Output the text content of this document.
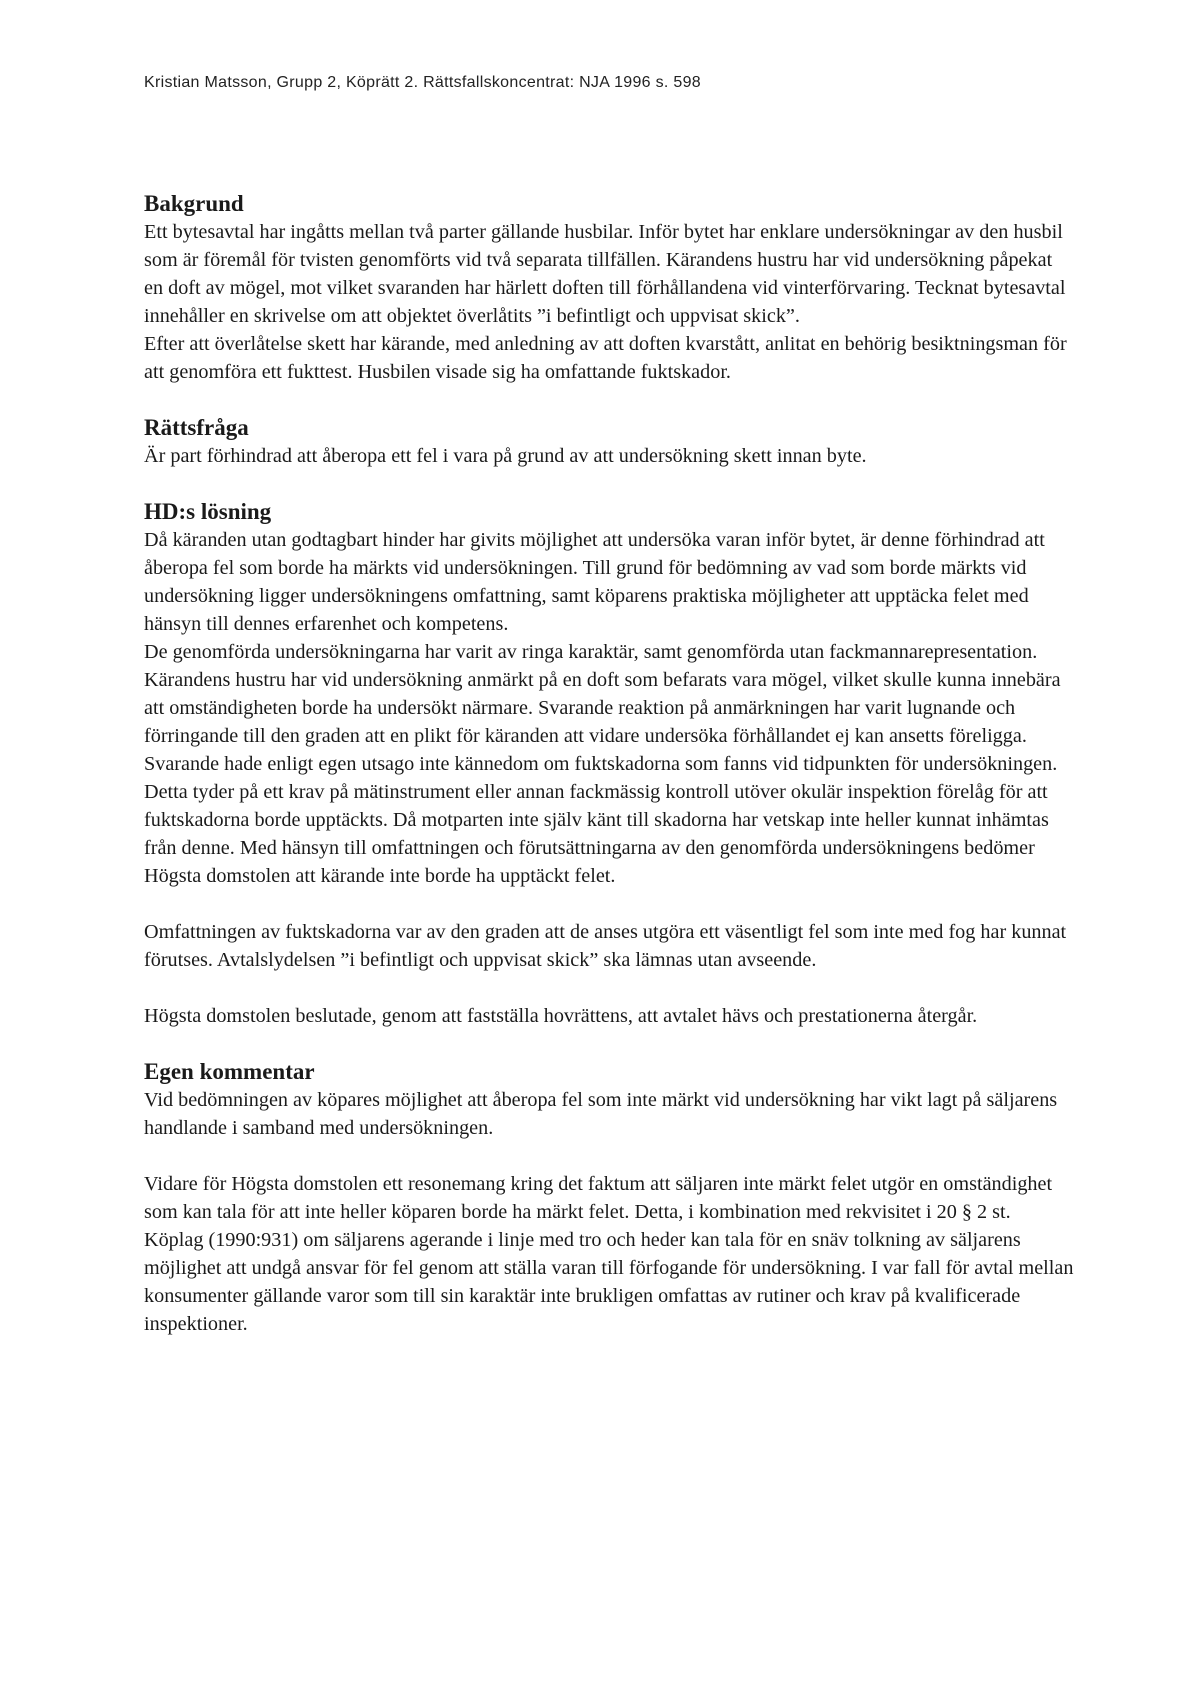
Kristian Matsson, Grupp 2, Köprätt 2. Rättsfallskoncentrat: NJA 1996 s. 598
Bakgrund

Ett bytesavtal har ingåtts mellan två parter gällande husbilar. Inför bytet har enklare undersökningar av den husbil som är föremål för tvisten genomförts vid två separata tillfällen. Kärandens hustru har vid undersökning påpekat en doft av mögel, mot vilket svaranden har härlett doften till förhållandena vid vinterförvaring. Tecknat bytesavtal innehåller en skrivelse om att objektet överlåtits ”i befintligt och uppvisat skick”.

Efter att överlåtelse skett har kärande, med anledning av att doften kvarstått, anlitat en behörig besiktningsman för att genomföra ett fukttest. Husbilen visade sig ha omfattande fuktskador.

Rättsfråga

Är part förhindrad att åberopa ett fel i vara på grund av att undersökning skett innan byte.

HD:s lösning

Då käranden utan godtagbart hinder har givits möjlighet att undersöka varan inför bytet, är denne förhindrad att åberopa fel som borde ha märkts vid undersökningen. Till grund för bedömning av vad som borde märkts vid undersökning ligger undersökningens omfattning, samt köparens praktiska möjligheter att upptäcka felet med hänsyn till dennes erfarenhet och kompetens.

De genomförda undersökningarna har varit av ringa karaktär, samt genomförda utan fackmannarepresentation. Kärandens hustru har vid undersökning anmärkt på en doft som befarats vara mögel, vilket skulle kunna innebära att omständigheten borde ha undersökt närmare. Svarande reaktion på anmärkningen har varit lugnande och förringande till den graden att en plikt för käranden att vidare undersöka förhållandet ej kan ansetts föreligga. Svarande hade enligt egen utsago inte kännedom om fuktskadorna som fanns vid tidpunkten för undersökningen. Detta tyder på ett krav på mätinstrument eller annan fackmässig kontroll utöver okulär inspektion förelåg för att fuktskadorna borde upptäckts. Då motparten inte själv känt till skadorna har vetskap inte heller kunnat inhämtas från denne. Med hänsyn till omfattningen och förutsättningarna av den genomförda undersökningens bedömer Högsta domstolen att kärande inte borde ha upptäckt felet.

Omfattningen av fuktskadorna var av den graden att de anses utgöra ett väsentligt fel som inte med fog har kunnat förutses. Avtalslydelsen ”i befintligt och uppvisat skick” ska lämnas utan avseende.

Högsta domstolen beslutade, genom att fastställa hovrättens, att avtalet hävs och prestationerna återgår.

Egen kommentar

Vid bedömningen av köpares möjlighet att åberopa fel som inte märkt vid undersökning har vikt lagt på säljarens handlande i samband med undersökningen.

Vidare för Högsta domstolen ett resonemang kring det faktum att säljaren inte märkt felet utgör en omständighet som kan tala för att inte heller köparen borde ha märkt felet. Detta, i kombination med rekvisitet i 20 § 2 st. Köplag (1990:931) om säljarens agerande i linje med tro och heder kan tala för en snäv tolkning av säljarens möjlighet att undgå ansvar för fel genom att ställa varan till förfogande för undersökning. I var fall för avtal mellan konsumenter gällande varor som till sin karaktär inte brukligen omfattas av rutiner och krav på kvalificerade inspektioner.
